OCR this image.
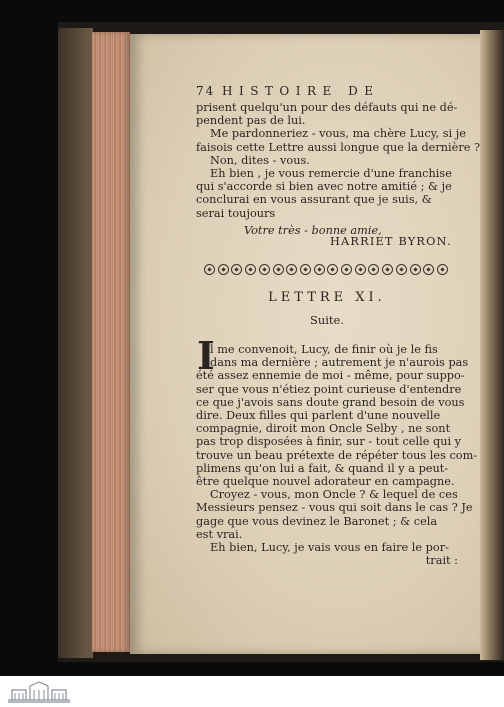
74 HISTOIRE DE
prisent quelqu'un pour des défauts qui ne dé-
pendent pas de lui.
Me pardonneriez - vous, ma chère Lucy, si je
faisois cette Lettre aussi longue que la dernière ?
Non, dites - vous.
Eh bien , je vous remercie d'une franchise
qui s'accorde si bien avec notre amitié ; & je
conclurai en vous assurant que je suis, &
serai toujours
Votre très - bonne amie,
HARRIET BYRON.
LETTRE XI.
Suite.
I
l me convenoit, Lucy, de finir où je le fis
dans ma dernière ; autrement je n'aurois pas
été assez ennemie de moi - même, pour suppo-
ser que vous n'étiez point curieuse d'entendre
ce que j'avois sans doute grand besoin de vous
dire. Deux filles qui parlent d'une nouvelle
compagnie, diroit mon Oncle Selby , ne sont
pas trop disposées à finir, sur - tout celle qui y
trouve un beau prétexte de répéter tous les com-
plimens qu'on lui a fait, & quand il y a peut-
être quelque nouvel adorateur en campagne.
Croyez - vous, mon Oncle ? & lequel de ces
Messieurs pensez - vous qui soit dans le cas ? Je
gage que vous devinez le Baronet ; & cela
est vrai.
Eh bien, Lucy, je vais vous en faire le por-
trait :
